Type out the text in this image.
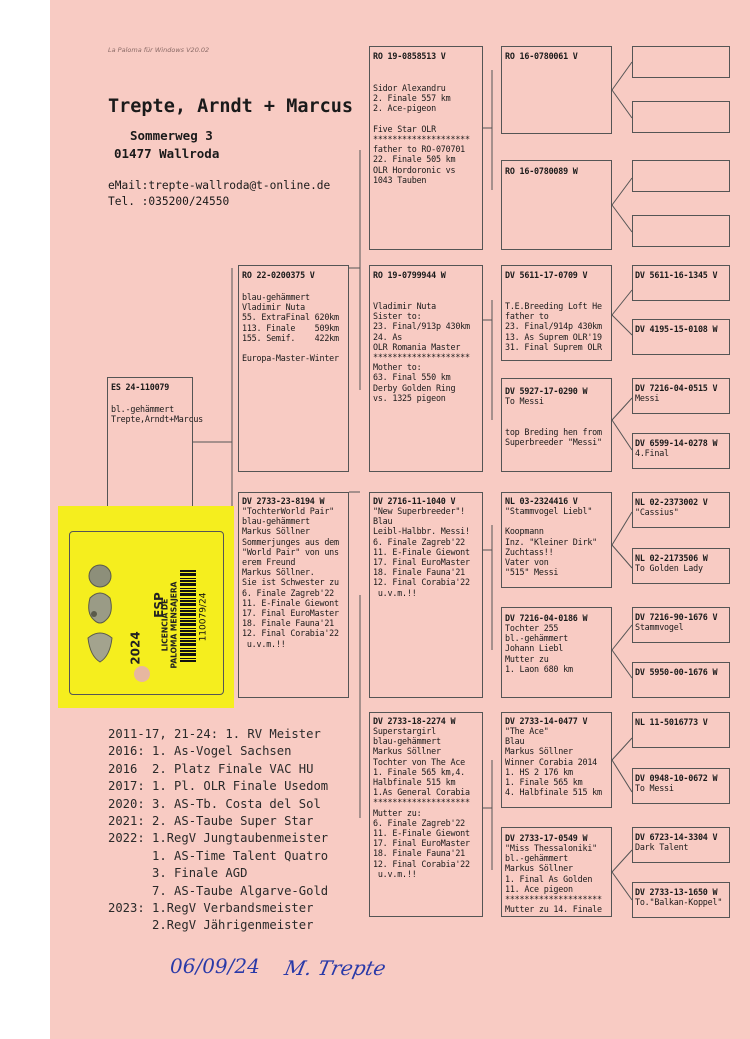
La Paloma für Windows V20.02
Trepte, Arndt + Marcus
Sommerweg 3
01477 Wallroda
eMail:trepte-wallroda@t-online.de
Tel. :035200/24550
ES 24-110079
bl.-gehämmert
Trepte,Arndt+Marcus
RO 22-0200375 V
blau-gehämmert
Vladimir Nuta
55. ExtraFinal 620km
113. Finale    509km
155. Semif.    422km

Europa-Master-Winter
DV 2733-23-8194 W
"TochterWorld Pair"
blau-gehämmert
Markus Söllner
Sommerjunges aus dem
"World Pair" von uns
erem Freund
Markus Söllner.
Sie ist Schwester zu
6. Finale Zagreb'22
11. E-Finale Giewont
17. Final EuroMaster
18. Finale Fauna'21
12. Final Corabia'22
u.v.m.!!
RO 19-0858513 V
Sidor Alexandru
2. Finale 557 km
2. Ace-pigeon

Five Star OLR
********************
father to RO-070701
22. Finale 505 km
OLR Hordoronic vs
1043 Tauben
RO 19-0799944 W
Vladimir Nuta
Sister to:
23. Final/913p 430km
24. As
OLR Romania Master
********************
Mother to:
63. Final 550 km
Derby Golden Ring
vs. 1325 pigeon
DV 2716-11-1040 V
"New Superbreeder"!
Blau
Leibl-Halbbr. Messi!
6. Finale Zagreb'22
11. E-Finale Giewont
17. Final EuroMaster
18. Finale Fauna'21
12. Final Corabia'22
u.v.m.!!
DV 2733-18-2274 W
Superstargirl
blau-gehämmert
Markus Söllner
Tochter von The Ace
1. Finale 565 km,4.
Halbfinale 515 km
1.As General Corabia
********************
Mutter zu:
6. Finale Zagreb'22
11. E-Finale Giewont
17. Final EuroMaster
18. Finale Fauna'21
12. Final Corabia'22
u.v.m.!!
RO 16-0780061 V
RO 16-0780089 W
DV 5611-17-0709 V
T.E.Breeding Loft He
father to
23. Final/914p 430km
13. As Suprem OLR'19
31. Final Suprem OLR
DV 5927-17-0290 W
To Messi

top Breding hen from
Superbreeder "Messi"
NL 03-2324416 V
"Stammvogel Liebl"

Koopmann
Inz. "Kleiner Dirk"
Zuchtass!!
Vater von
"515" Messi
DV 7216-04-0186 W
Tochter 255
bl.-gehämmert
Johann Liebl
Mutter zu
1. Laon 680 km
DV 2733-14-0477 V
"The Ace"
Blau
Markus Söllner
Winner Corabia 2014
1. HS 2 176 km
1. Finale 565 km
4. Halbfinale 515 km
DV 2733-17-0549 W
"Miss Thessaloniki"
bl.-gehämmert
Markus Söllner
1. Final As Golden
11. Ace pigeon
********************
Mutter zu 14. Finale
DV 5611-16-1345 V
DV 4195-15-0108 W
DV 7216-04-0515 V
Messi
DV 6599-14-0278 W
4.Final
NL 02-2373002 V
"Cassius"
NL 02-2173506 W
To Golden Lady
DV 7216-90-1676 V
Stammvogel
DV 5950-00-1676 W
NL 11-5016773 V
DV 0948-10-0672 W
To Messi
DV 6723-14-3304 V
Dark Talent
DV 2733-13-1650 W
To."Balkan-Koppel"
ESP
2024 LICENCIA DE
PALOMA MENSAJERA 110079/24
2011-17, 21-24: 1. RV Meister
2016: 1. As-Vogel Sachsen
2016  2. Platz Finale VAC HU
2017: 1. Pl. OLR Finale Usedom
2020: 3. AS-Tb. Costa del Sol
2021: 2. AS-Taube Super Star
2022: 1.RegV Jungtaubenmeister
1. AS-Time Talent Quatro
3. Finale AGD
7. AS-Taube Algarve-Gold
2023: 1.RegV Verbandsmeister
2.RegV Jährigenmeister
06/09/24 M. Trepte
